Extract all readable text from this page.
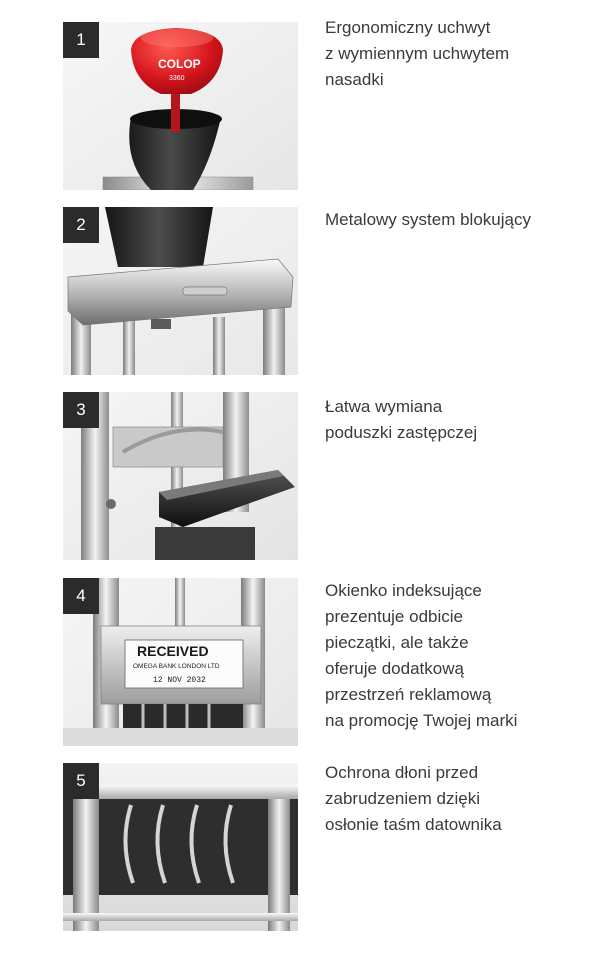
1
COLOP
3360

Ergonomiczny uchwyt
z wymiennym uchwytem
nasadki

2	Metalowy system blokujący

3	Łatwa wymiana
poduszki zastępczej

4
RECEIVED
OMEGA BANK LONDON LTD
12 NOV 2032

Okienko indeksujące
prezentuje odbicie
pieczątki, ale także
oferuje dodatkową
przestrzeń reklamową
na promocję Twojej marki

5	Ochrona dłoni przed
zabrudzeniem dzięki
osłonie taśm datownika
